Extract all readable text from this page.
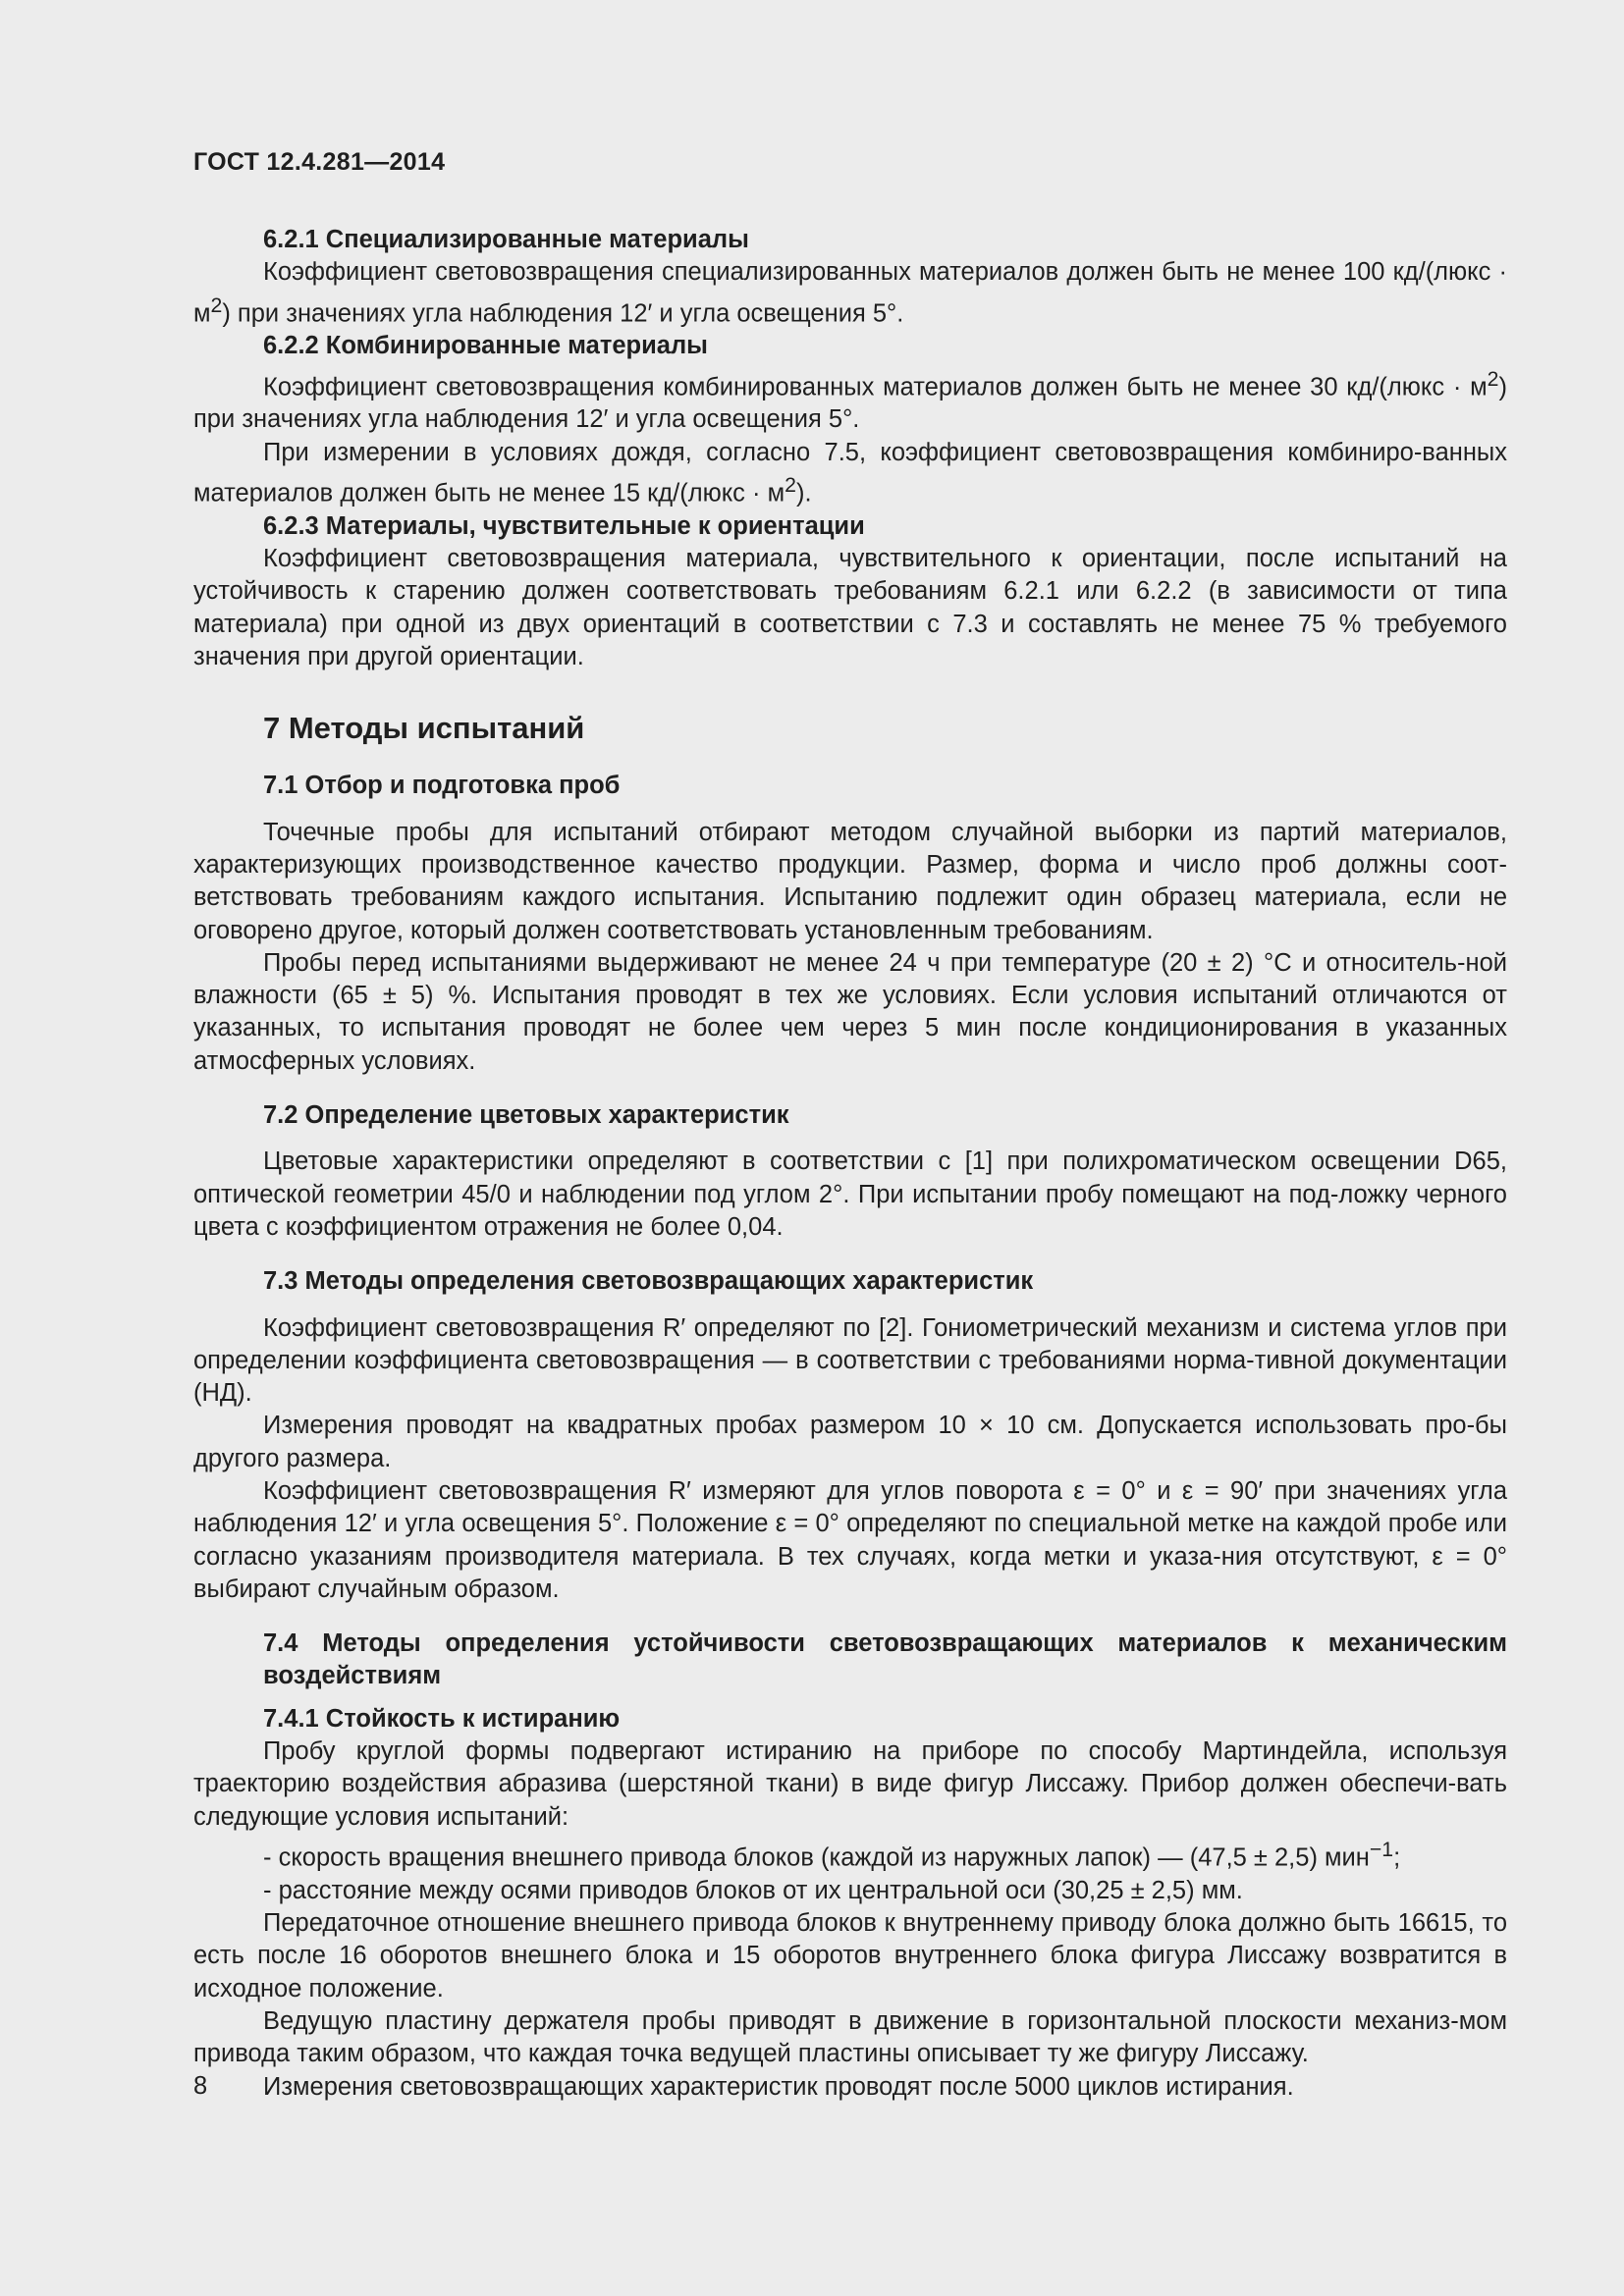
ГОСТ 12.4.281—2014

6.2.1 Специализированные материалы

Коэффициент световозвращения специализированных материалов должен быть не менее 100 кд/(люкс · $м^2$) при значениях угла наблюдения 12′ и угла освещения 5°.

6.2.2 Комбинированные материалы

Коэффициент световозвращения комбинированных материалов должен быть не менее 30 кд/(люкс · $м^2$) при значениях угла наблюдения 12′ и угла освещения 5°.

При измерении в условиях дождя, согласно 7.5, коэффициент световозвращения комбиниро-ванных материалов должен быть не менее 15 кд/(люкс · $м^2$).

6.2.3 Материалы, чувствительные к ориентации

Коэффициент световозвращения материала, чувствительного к ориентации, после испытаний на устойчивость к старению должен соответствовать требованиям 6.2.1 или 6.2.2 (в зависимости от типа материала) при одной из двух ориентаций в соответствии с 7.3 и составлять не менее 75 % требуемого значения при другой ориентации.

7 Методы испытаний

7.1 Отбор и подготовка проб

Точечные пробы для испытаний отбирают методом случайной выборки из партий материалов, характеризующих производственное качество продукции. Размер, форма и число проб должны соот-ветствовать требованиям каждого испытания. Испытанию подлежит один образец материала, если не оговорено другое, который должен соответствовать установленным требованиям.

Пробы перед испытаниями выдерживают не менее 24 ч при температуре (20 ± 2) °С и относитель-ной влажности (65 ± 5) %. Испытания проводят в тех же условиях. Если условия испытаний отличаются от указанных, то испытания проводят не более чем через 5 мин после кондиционирования в указанных атмосферных условиях.

7.2 Определение цветовых характеристик

Цветовые характеристики определяют в соответствии с [1] при полихроматическом освещении D65, оптической геометрии 45/0 и наблюдении под углом 2°. При испытании пробу помещают на под-ложку черного цвета с коэффициентом отражения не более 0,04.

7.3 Методы определения световозвращающих характеристик

Коэффициент световозвращения R′ определяют по [2]. Гониометрический механизм и система углов при определении коэффициента световозвращения — в соответствии с требованиями норма-тивной документации (НД).

Измерения проводят на квадратных пробах размером 10 × 10 см. Допускается использовать про-бы другого размера.

Коэффициент световозвращения R′ измеряют для углов поворота ε = 0° и ε = 90′ при значениях угла наблюдения 12′ и угла освещения 5°. Положение ε = 0° определяют по специальной метке на каждой пробе или согласно указаниям производителя материала. В тех случаях, когда метки и указа-ния отсутствуют, ε = 0° выбирают случайным образом.

7.4 Методы определения устойчивости световозвращающих материалов к механическим воздействиям

7.4.1 Стойкость к истиранию

Пробу круглой формы подвергают истиранию на приборе по способу Мартиндейла, используя траекторию воздействия абразива (шерстяной ткани) в виде фигур Лиссажу. Прибор должен обеспечи-вать следующие условия испытаний:

- скорость вращения внешнего привода блоков (каждой из наружных лапок) — (47,5 ± 2,5) мин$^{-1}$;

- расстояние между осями приводов блоков от их центральной оси (30,25 ± 2,5) мм.

Передаточное отношение внешнего привода блоков к внутреннему приводу блока должно быть 16615, то есть после 16 оборотов внешнего блока и 15 оборотов внутреннего блока фигура Лиссажу возвратится в исходное положение.

Ведущую пластину держателя пробы приводят в движение в горизонтальной плоскости механиз-мом привода таким образом, что каждая точка ведущей пластины описывает ту же фигуру Лиссажу.

Измерения световозвращающих характеристик проводят после 5000 циклов истирания.

8
